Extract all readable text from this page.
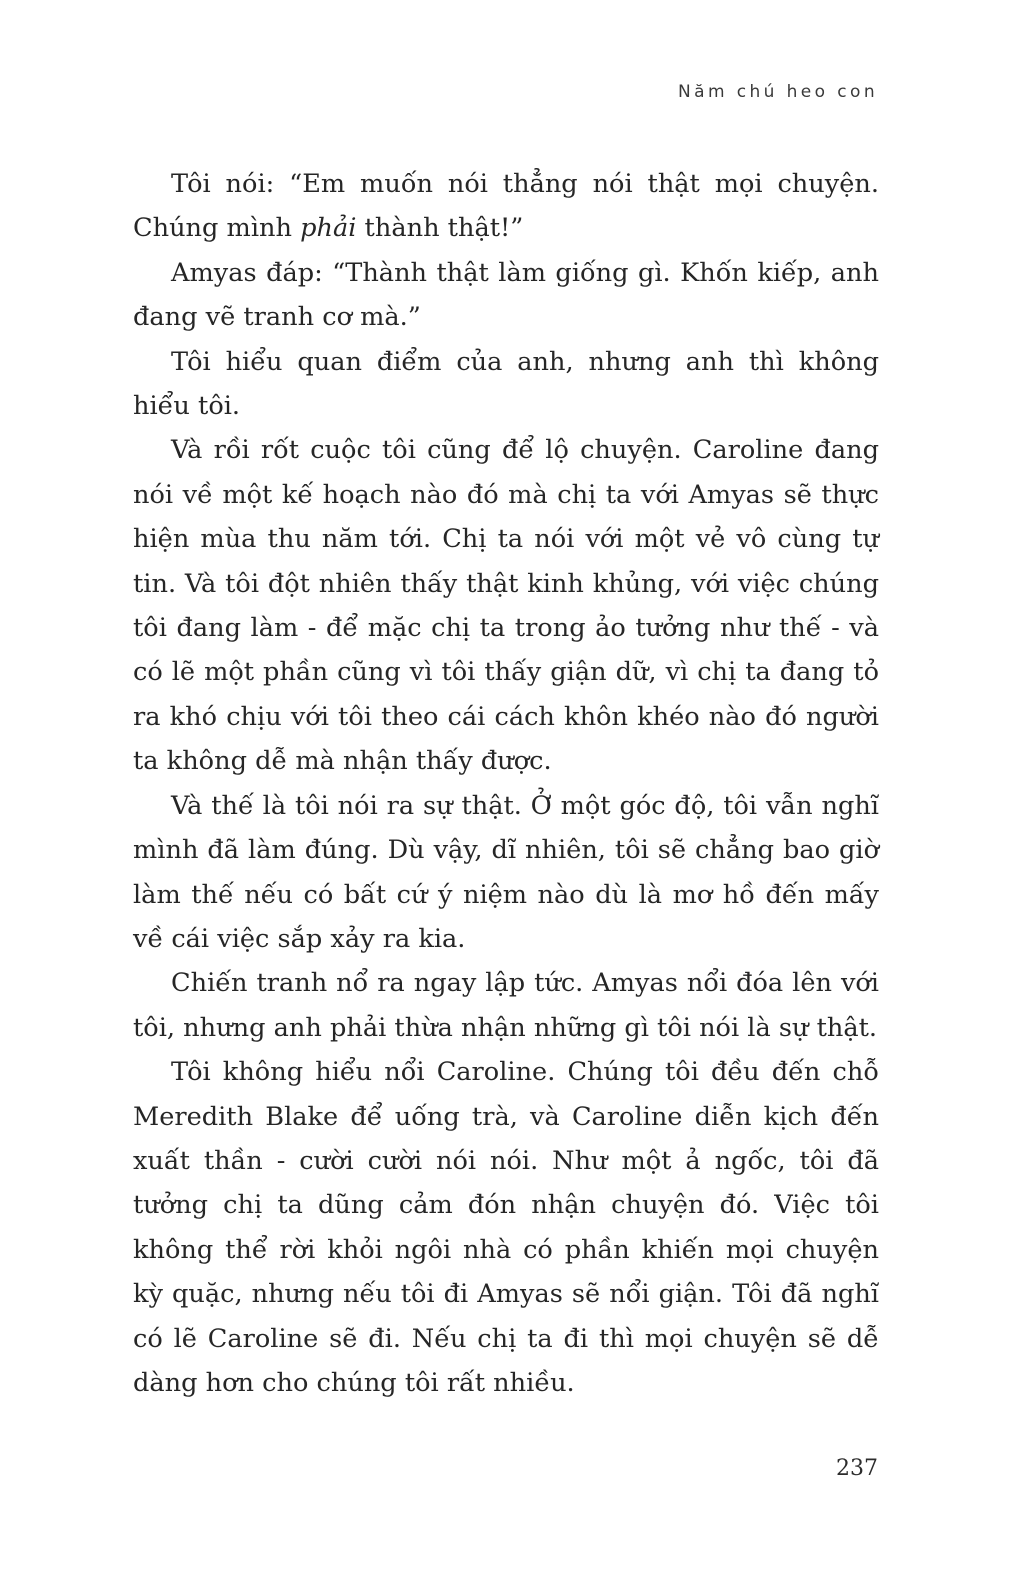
Năm chú heo con

Tôi nói: “Em muốn nói thẳng nói thật mọi chuyện. Chúng mình phải thành thật!”

Amyas đáp: “Thành thật làm giống gì. Khốn kiếp, anh đang vẽ tranh cơ mà.”

Tôi hiểu quan điểm của anh, nhưng anh thì không hiểu tôi.

Và rồi rốt cuộc tôi cũng để lộ chuyện. Caroline đang nói về một kế hoạch nào đó mà chị ta với Amyas sẽ thực hiện mùa thu năm tới. Chị ta nói với một vẻ vô cùng tự tin. Và tôi đột nhiên thấy thật kinh khủng, với việc chúng tôi đang làm - để mặc chị ta trong ảo tưởng như thế - và có lẽ một phần cũng vì tôi thấy giận dữ, vì chị ta đang tỏ ra khó chịu với tôi theo cái cách khôn khéo nào đó người ta không dễ mà nhận thấy được.

Và thế là tôi nói ra sự thật. Ở một góc độ, tôi vẫn nghĩ mình đã làm đúng. Dù vậy, dĩ nhiên, tôi sẽ chẳng bao giờ làm thế nếu có bất cứ ý niệm nào dù là mơ hồ đến mấy về cái việc sắp xảy ra kia.

Chiến tranh nổ ra ngay lập tức. Amyas nổi đóa lên với tôi, nhưng anh phải thừa nhận những gì tôi nói là sự thật.

Tôi không hiểu nổi Caroline. Chúng tôi đều đến chỗ Meredith Blake để uống trà, và Caroline diễn kịch đến xuất thần - cười cười nói nói. Như một ả ngốc, tôi đã tưởng chị ta dũng cảm đón nhận chuyện đó. Việc tôi không thể rời khỏi ngôi nhà có phần khiến mọi chuyện kỳ quặc, nhưng nếu tôi đi Amyas sẽ nổi giận. Tôi đã nghĩ có lẽ Caroline sẽ đi. Nếu chị ta đi thì mọi chuyện sẽ dễ dàng hơn cho chúng tôi rất nhiều.

237
